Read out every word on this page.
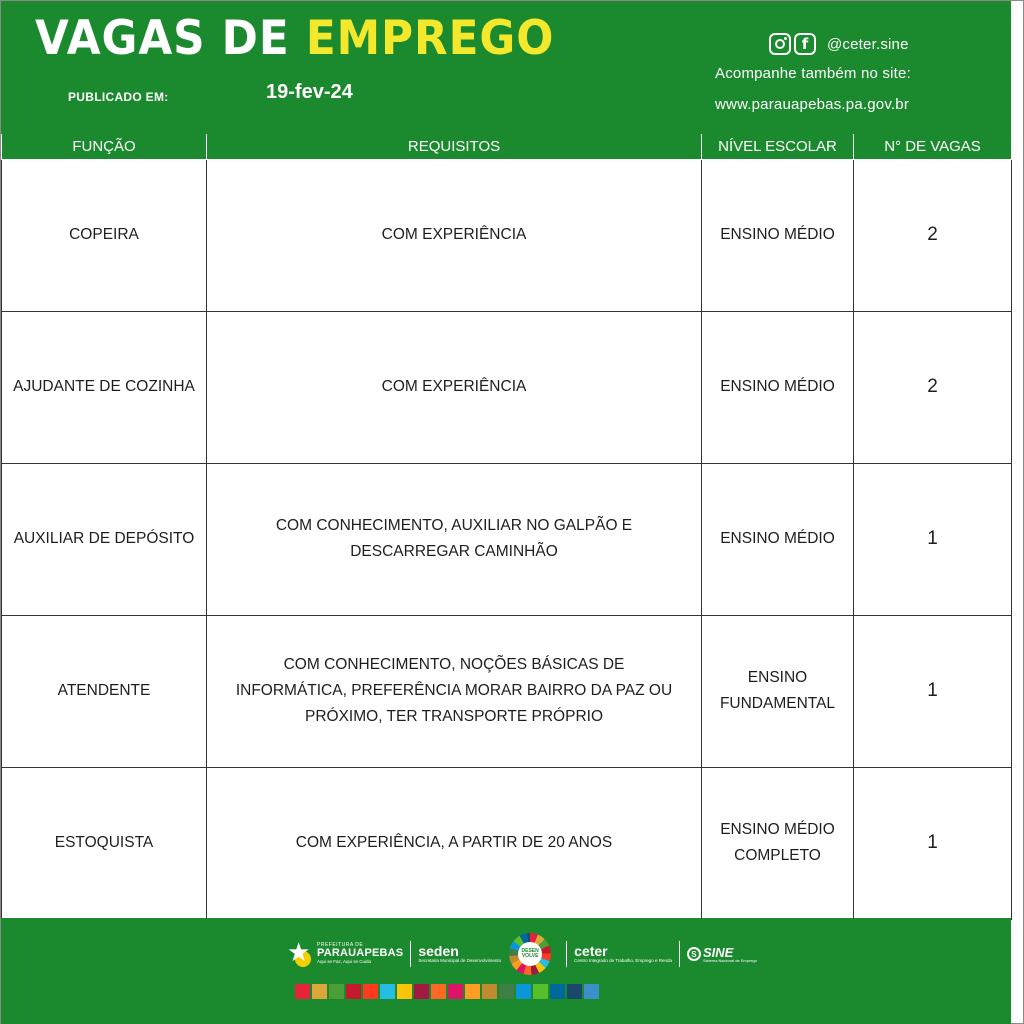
VAGAS DE EMPREGO
PUBLICADO EM:	19-fev-24
f	@ceter.sine
Acompanhe também no site:
www.parauapebas.pa.gov.br
FUNÇÃO	REQUISITOS	NÍVEL ESCOLAR	N° DE VAGAS
COPEIRA	COM EXPERIÊNCIA	ENSINO MÉDIO	2
AJUDANTE DE COZINHA	COM EXPERIÊNCIA	ENSINO MÉDIO	2
AUXILIAR DE DEPÓSITO	COM CONHECIMENTO, AUXILIAR NO GALPÃO E DESCARREGAR CAMINHÃO	ENSINO MÉDIO	1
ATENDENTE	COM CONHECIMENTO, NOÇÕES BÁSICAS DE INFORMÁTICA, PREFERÊNCIA MORAR BAIRRO DA PAZ OU PRÓXIMO, TER TRANSPORTE PRÓPRIO	ENSINO FUNDAMENTAL	1
ESTOQUISTA	COM EXPERIÊNCIA, A PARTIR DE 20 ANOS	ENSINO MÉDIO COMPLETO	1
★ PREFEITURA DE
PARAUAPEBAS
Aqui se Faz, Aqui se Cuida
seden
Secretaria Municipal de Desenvolvimento
DESEN VOLVE	ceter
Centro Integrado de Trabalho, Emprego e Renda
S SINE
Sistema Nacional de Emprego
